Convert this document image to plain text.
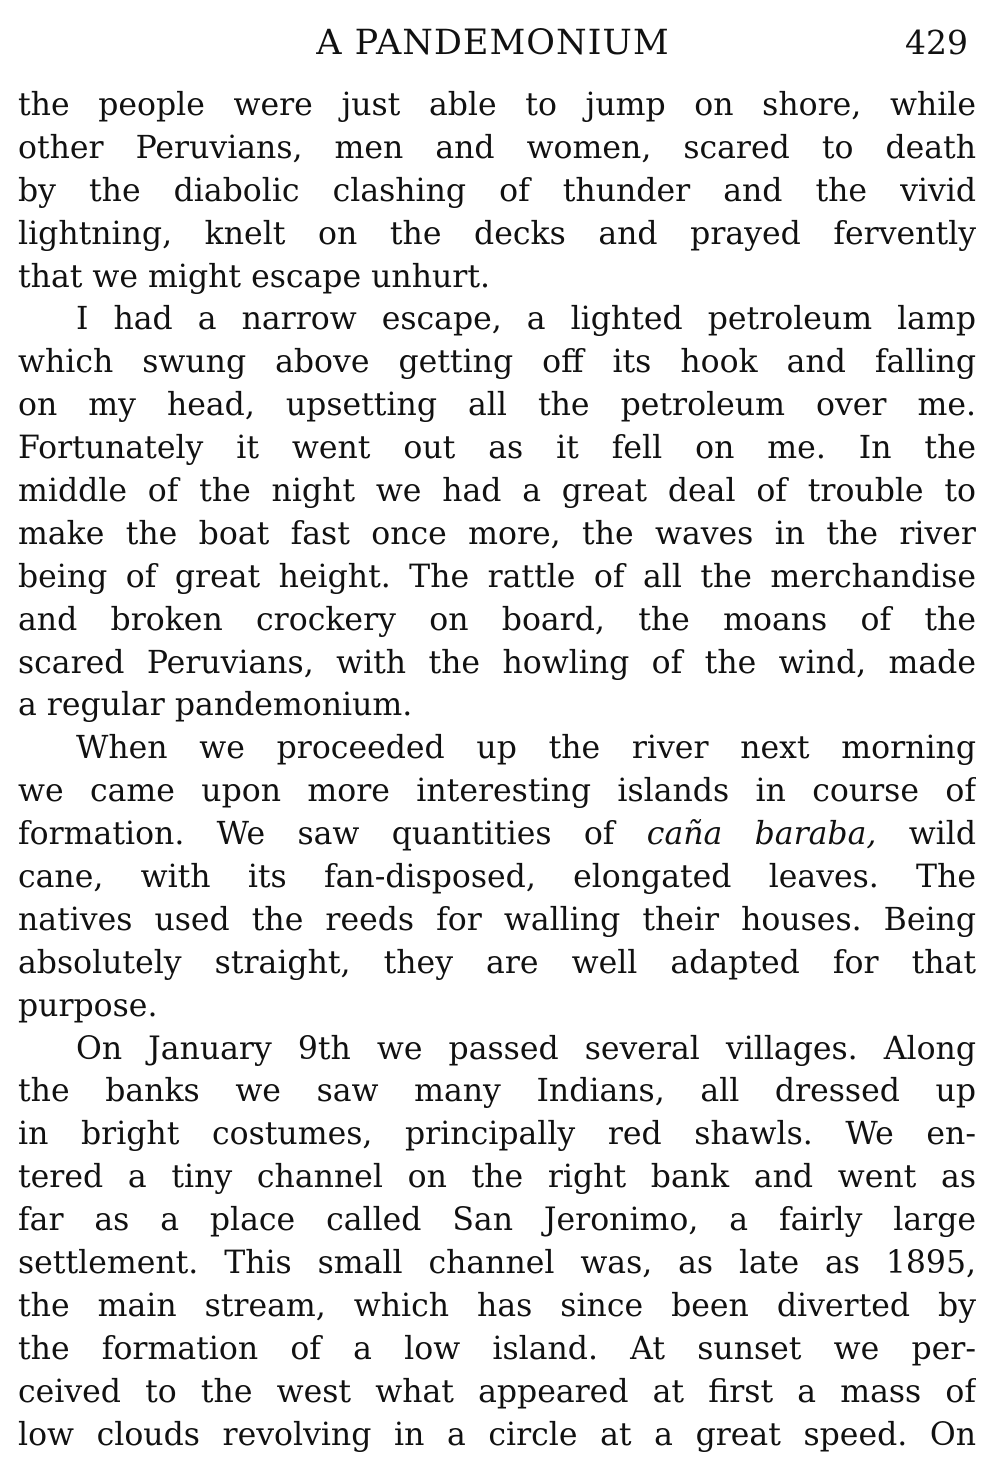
A PANDEMONIUM	429
the people were just able to jump on shore, while
other Peruvians, men and women, scared to death
by the diabolic clashing of thunder and the vivid
lightning, knelt on the decks and prayed fervently
that we might escape unhurt.
I had a narrow escape, a lighted petroleum lamp
which swung above getting off its hook and falling
on my head, upsetting all the petroleum over me.
Fortunately it went out as it fell on me. In the
middle of the night we had a great deal of trouble to
make the boat fast once more, the waves in the river
being of great height. The rattle of all the merchandise
and broken crockery on board, the moans of the
scared Peruvians, with the howling of the wind, made
a regular pandemonium.
When we proceeded up the river next morning
we came upon more interesting islands in course of
formation. We saw quantities of caña baraba, wild
cane, with its fan-disposed, elongated leaves. The
natives used the reeds for walling their houses. Being
absolutely straight, they are well adapted for that
purpose.
On January 9th we passed several villages. Along
the banks we saw many Indians, all dressed up
in bright costumes, principally red shawls. We en-
tered a tiny channel on the right bank and went as
far as a place called San Jeronimo, a fairly large
settlement. This small channel was, as late as 1895,
the main stream, which has since been diverted by
the formation of a low island. At sunset we per-
ceived to the west what appeared at first a mass of
low clouds revolving in a circle at a great speed. On
